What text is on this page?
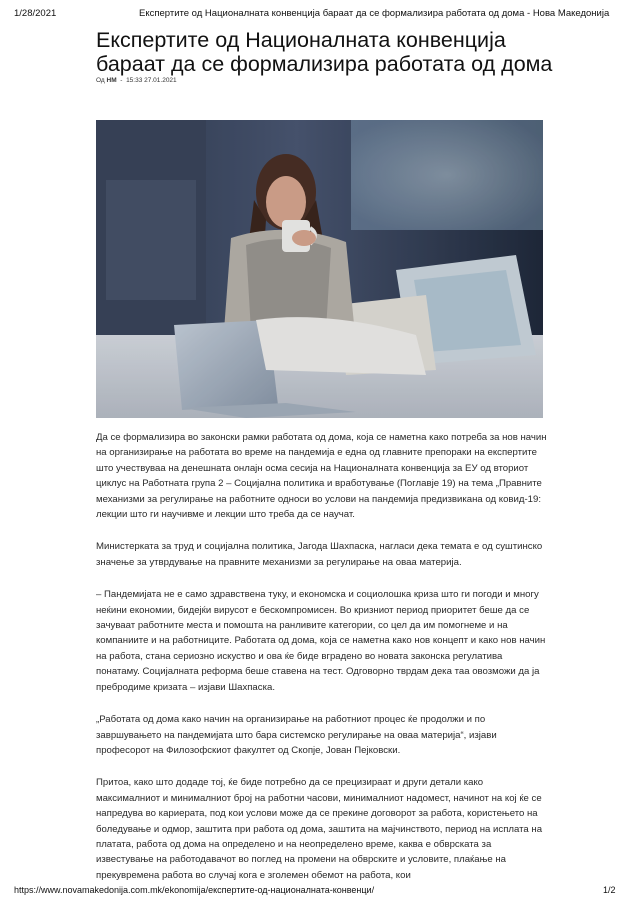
1/28/2021	Експертите од Националната конвенција бараат да се формализира работата од дома - Нова Македонија
Експертите од Националната конвенција бараат да се формализира работата од дома
Од НМ - 15:33 27.01.2021

Да се формализира во законски рамки работата од дома, која се наметна како потреба за нов начин на организирање на работата во време на пандемија е една од главните препораки на експертите што учествуваа на денешната онлајн осма сесија на Националната конвенција за ЕУ од вториот циклус на Работната група 2 – Социјална политика и вработување (Поглавје 19) на тема „Правните механизми за регулирање на работните односи во услови на пандемија предизвикана од ковид-19: лекции што ги научивме и лекции што треба да се научат.

Министерката за труд и социјална политика, Јагода Шахпаска, нагласи дека темата е од суштинско значење за утврдување на правните механизми за регулирање на оваа материја.

– Пандемијата не е само здравствена туку, и економска и социолошка криза што ги погоди и многу неќини економии, бидејќи вирусот е бескомпромисен. Во кризниот период приоритет беше да се зачуваат работните места и помошта на ранливите категории, со цел да им помогнеме и на компаниите и на работниците. Работата од дома, која се наметна како нов концепт и како нов начин на работа, стана сериозно искуство и ова ќе биде вградено во новата законска регулатива понатаму. Социјалната реформа беше ставена на тест. Одговорно тврдам дека таа овозможи да ја пребродиме кризата – изјави Шахпаска.

„Работата од дома како начин на организирање на работниот процес ќе продолжи и по завршувањето на пандемијата што бара системско регулирање на оваа материја“, изјави професорот на Филозофскиот факултет од Скопје, Јован Пејковски.

Притоа, како што додаде тој, ќе биде потребно да се прецизираат и други детали како максималниот и минималниот број на работни часови, минималниот надомест, начинот на кој ќе се напредува во кариерата, под кои услови може да се прекине договорот за работа, користењето на боледување и одмор, заштита при работа од дома, заштита на мајчинството, период на исплата на платата, работа од дома на определено и на неопределено време, каква е обврската за известување на работодавачот во поглед на промени на обврските и условите, плаќање на прекувремена работа во случај кога е зголемен обемот на работа, кои

https://www.novamakedonija.com.mk/ekonomija/експертите-од-националната-конвенци/	1/2
